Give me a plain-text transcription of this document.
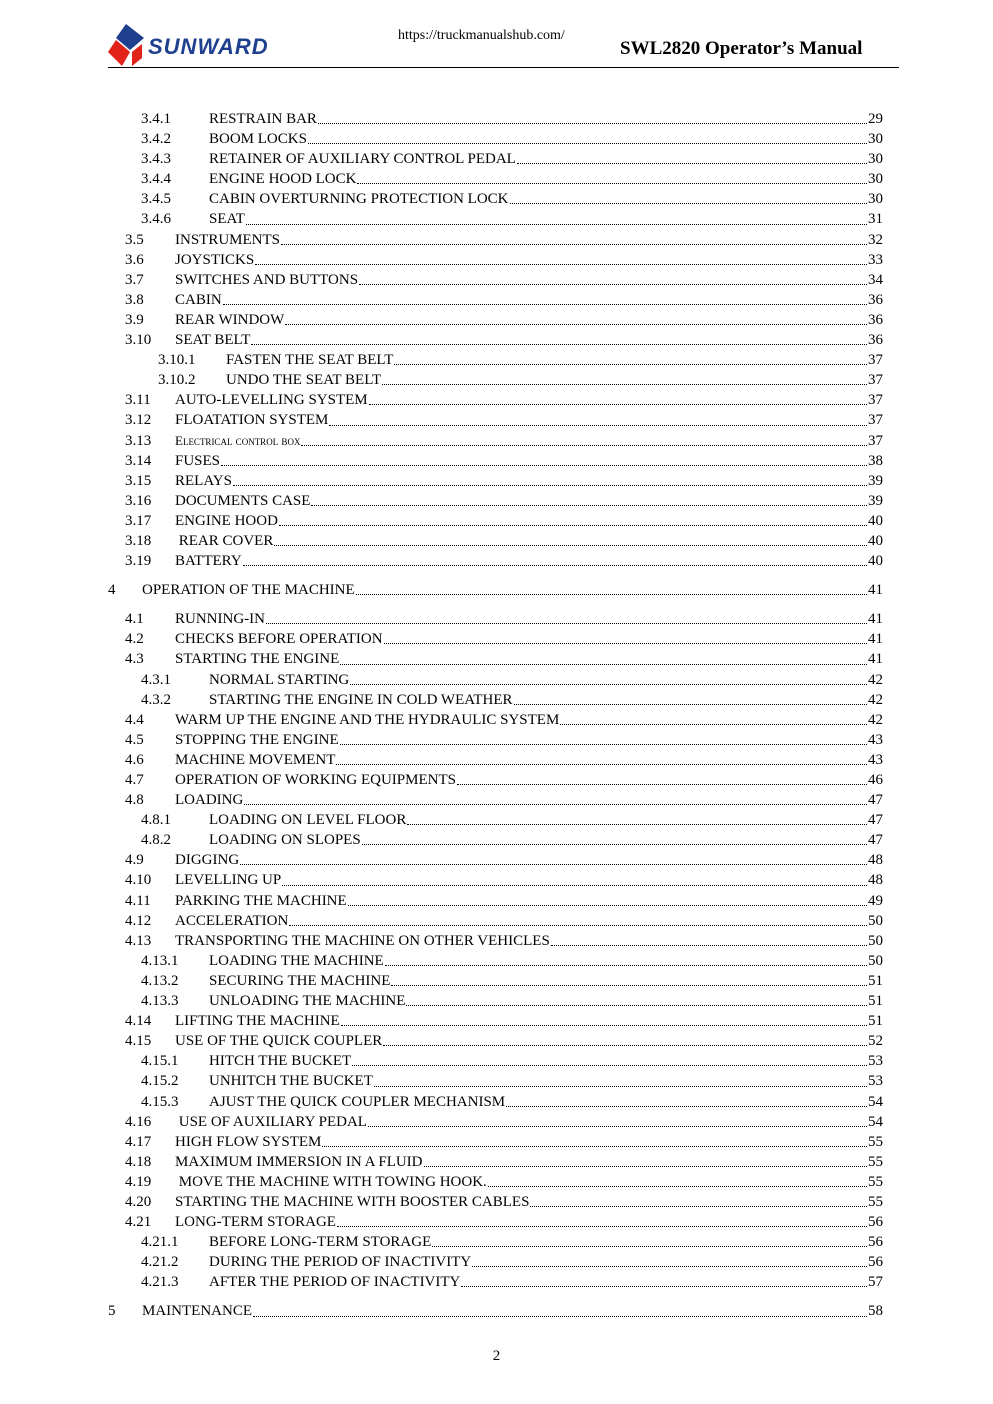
SUNWARD	https://truckmanualshub.com/
SWL2820 Operator’s Manual
3.4.1	RESTRAIN BAR	29
3.4.2	BOOM LOCKS	30
3.4.3	RETAINER OF AUXILIARY CONTROL PEDAL	30
3.4.4	ENGINE HOOD LOCK	30
3.4.5	CABIN OVERTURNING PROTECTION LOCK	30
3.4.6	SEAT	31
3.5	INSTRUMENTS	32
3.6	JOYSTICKS	33
3.7	SWITCHES AND BUTTONS	34
3.8	CABIN	36
3.9	REAR WINDOW	36
3.10	SEAT BELT	36
3.10.1	FASTEN THE SEAT BELT	37
3.10.2	UNDO THE SEAT BELT	37
3.11	AUTO-LEVELLING SYSTEM	37
3.12	FLOATATION SYSTEM	37
3.13	Electrical control box	37
3.14	FUSES	38
3.15	RELAYS	39
3.16	DOCUMENTS CASE	39
3.17	ENGINE HOOD	40
3.18	REAR COVER	40
3.19	BATTERY	40
4	OPERATION OF THE MACHINE	41
4.1	RUNNING-IN	41
4.2	CHECKS BEFORE OPERATION	41
4.3	STARTING THE ENGINE	41
4.3.1	NORMAL STARTING	42
4.3.2	STARTING THE ENGINE IN COLD WEATHER	42
4.4	WARM UP THE ENGINE AND THE HYDRAULIC SYSTEM	42
4.5	STOPPING THE ENGINE	43
4.6	MACHINE MOVEMENT	43
4.7	OPERATION OF WORKING EQUIPMENTS	46
4.8	LOADING	47
4.8.1	LOADING ON LEVEL FLOOR	47
4.8.2	LOADING ON SLOPES	47
4.9	DIGGING	48
4.10	LEVELLING UP	48
4.11	PARKING THE MACHINE	49
4.12	ACCELERATION	50
4.13	TRANSPORTING THE MACHINE ON OTHER VEHICLES	50
4.13.1	LOADING THE MACHINE	50
4.13.2	SECURING THE MACHINE	51
4.13.3	UNLOADING THE MACHINE	51
4.14	LIFTING THE MACHINE	51
4.15	USE OF THE QUICK COUPLER	52
4.15.1	HITCH THE BUCKET	53
4.15.2	UNHITCH THE BUCKET	53
4.15.3	AJUST THE QUICK COUPLER MECHANISM	54
4.16	USE OF AUXILIARY PEDAL	54
4.17	HIGH FLOW SYSTEM	55
4.18	MAXIMUM IMMERSION IN A FLUID	55
4.19	MOVE THE MACHINE WITH TOWING HOOK.	55
4.20	STARTING THE MACHINE WITH BOOSTER CABLES	55
4.21	LONG-TERM STORAGE	56
4.21.1	BEFORE LONG-TERM STORAGE	56
4.21.2	DURING THE PERIOD OF INACTIVITY	56
4.21.3	AFTER THE PERIOD OF INACTIVITY	57
5	MAINTENANCE	58
2
